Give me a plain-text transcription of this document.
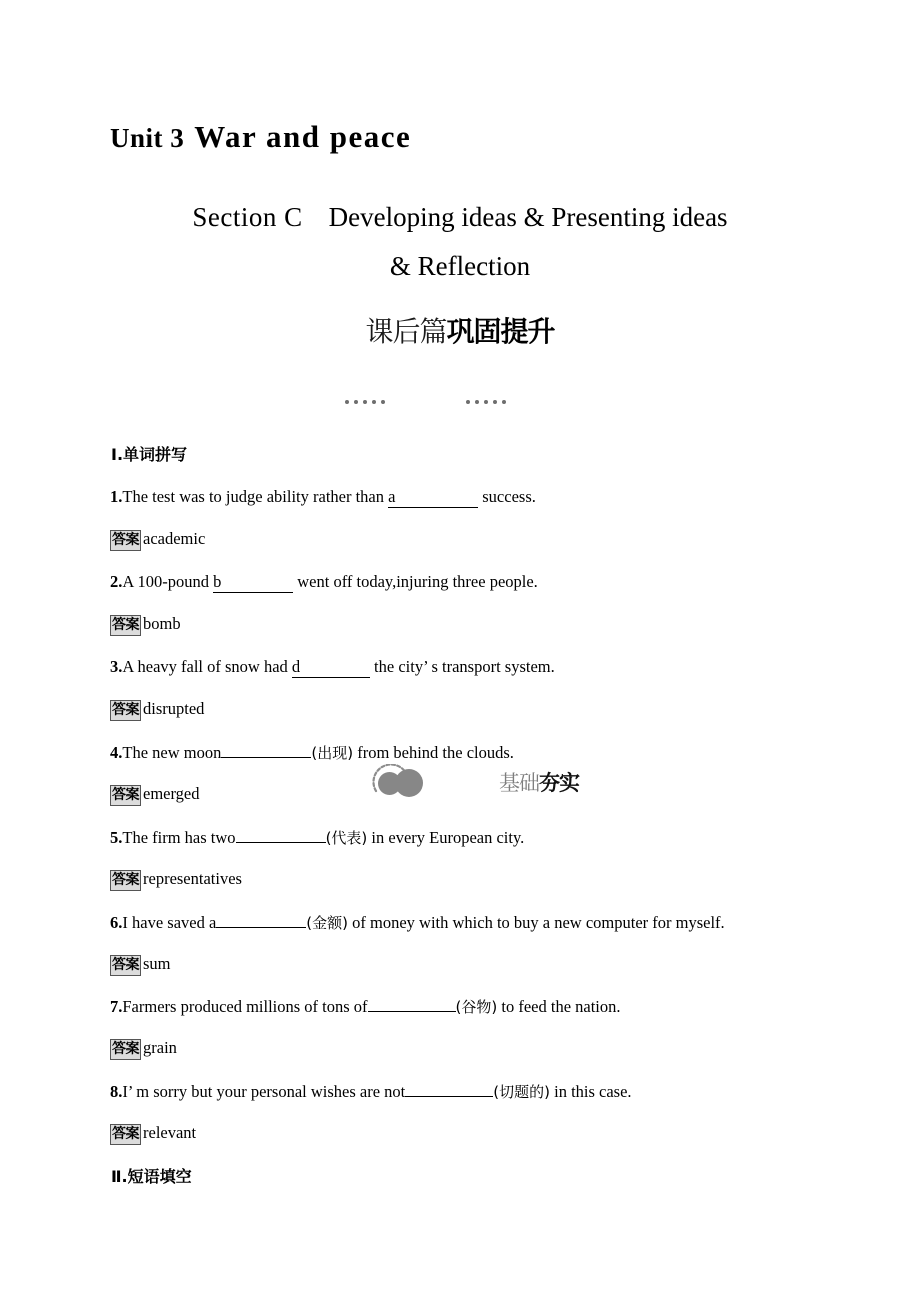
Unit 3 War and peace
Section C Developing ideas & Presenting ideas
& Reflection
课后篇巩固提升
基础夯实
Ⅰ.单词拼写
1.The test was to judge ability rather than a	success.
答案 academic
2.A 100-pound b	went off today,injuring three people.
答案 bomb
3.A heavy fall of snow had d	the city’ s transport system.
答案 disrupted
4.The new moon	(出现) from behind the clouds.
答案 emerged
5.The firm has two	(代表) in every European city.
答案 representatives
6.I have saved a	(金额) of money with which to buy a new computer for myself.
答案 sum
7.Farmers produced millions of tons of	(谷物) to feed the nation.
答案 grain
8.I’ m sorry but your personal wishes are not	(切题的) in this case.
答案 relevant
Ⅱ.短语填空
